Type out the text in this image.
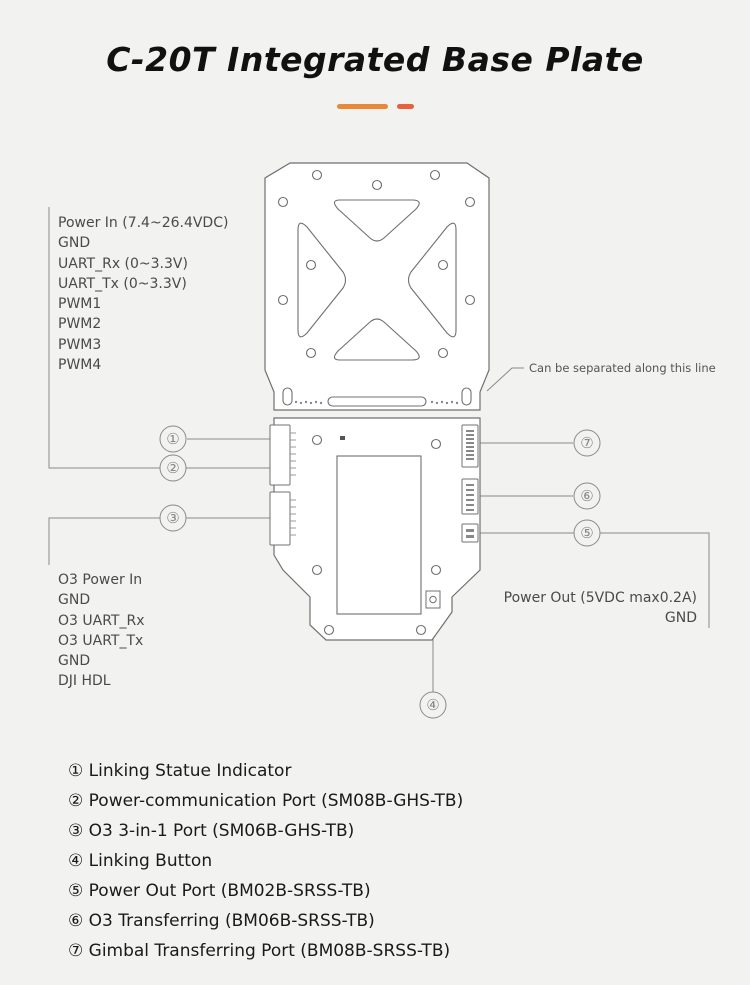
C-20T Integrated Base Plate
①
②
③
④
⑤
⑥
⑦
Power In (7.4~26.4VDC)
GND
UART_Rx (0~3.3V)
UART_Tx (0~3.3V)
PWM1
PWM2
PWM3
PWM4
O3 Power In
GND
O3 UART_Rx
O3 UART_Tx
GND
DJI HDL
Power Out (5VDC max0.2A)
GND
Can be separated along this line
① Linking Statue Indicator
② Power-communication Port (SM08B-GHS-TB)
③ O3 3-in-1 Port (SM06B-GHS-TB)
④ Linking Button
⑤ Power Out Port (BM02B-SRSS-TB)
⑥ O3 Transferring (BM06B-SRSS-TB)
⑦ Gimbal Transferring Port (BM08B-SRSS-TB)
